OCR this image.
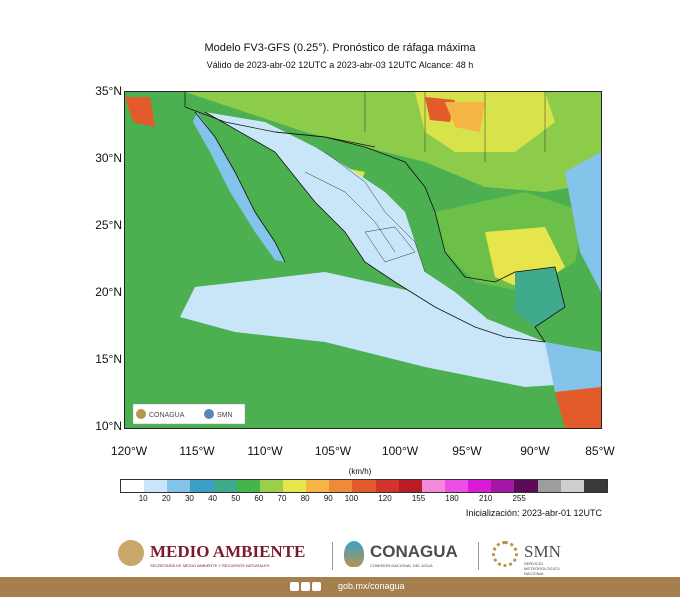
Modelo FV3-GFS (0.25°). Pronóstico de ráfaga máxima
Válido de 2023-abr-02 12UTC a 2023-abr-03 12UTC Alcance: 48 h
35°N
30°N
25°N
20°N
15°N
10°N
CONAGUA	SMN
120°W	115°W	110°W	105°W	100°W	95°W	90°W	85°W
(km/h)
10	20	30	40	50	60	70	80	90	100	120	155	180	210	255
Inicialización: 2023-abr-01 12UTC
MEDIO AMBIENTE
SECRETARÍA DE MEDIO AMBIENTE Y RECURSOS NATURALES
CONAGUA
COMISIÓN NACIONAL DEL AGUA
SMN
SERVICIO METEOROLÓGICO NACIONAL
gob.mx/conagua
